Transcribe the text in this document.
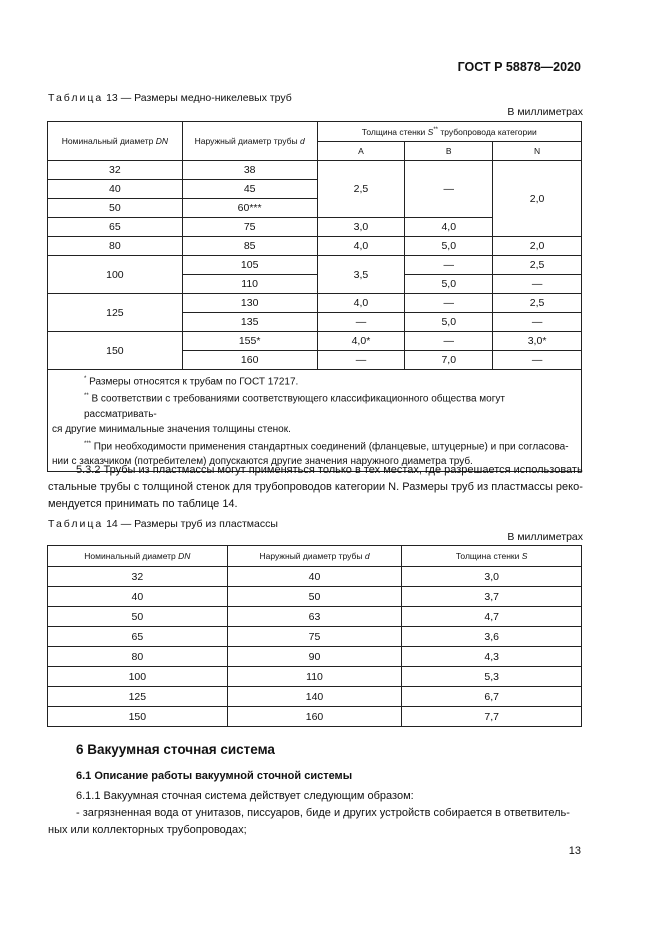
ГОСТ Р 58878—2020
Таблица 13 — Размеры медно-никелевых труб
В миллиметрах
Номинальный диаметр DN	Наружный диаметр трубы d	Толщина стенки S** трубопровода категории		
		A	B	N
32	38	2,5	—	2,0
40	45			
50	60***			
65	75	3,0	4,0	
80	85	4,0	5,0	2,0
100	105	3,5	—	2,5
	110		5,0	—
125	130	4,0	—	2,5
	135	—	5,0	—
150	155*	4,0*	—	3,0*
	160	—	7,0	—

* Размеры относятся к трубам по ГОСТ 17217.
** В соответствии с требованиями соответствующего классификационного общества могут рассматривать-
ся другие минимальные значения толщины стенок.
*** При необходимости применения стандартных соединений (фланцевые, штуцерные) и при согласова-
нии с заказчиком (потребителем) допускаются другие значения наружного диаметра труб.				
5.3.2 Трубы из пластмассы могут применяться только в тех местах, где разрешается использовать
стальные трубы с толщиной стенок для трубопроводов категории N. Размеры труб из пластмассы реко-
мендуется принимать по таблице 14.
Таблица 14 — Размеры труб из пластмассы
В миллиметрах
Номинальный диаметр DN	Наружный диаметр трубы d	Толщина стенки S
32	40	3,0
40	50	3,7
50	63	4,7
65	75	3,6
80	90	4,3
100	110	5,3
125	140	6,7
150	160	7,7
6 Вакуумная сточная система
6.1 Описание работы вакуумной сточной системы
6.1.1 Вакуумная сточная система действует следующим образом:
- загрязненная вода от унитазов, писсуаров, биде и других устройств собирается в ответвитель-
ных или коллекторных трубопроводах;
13
